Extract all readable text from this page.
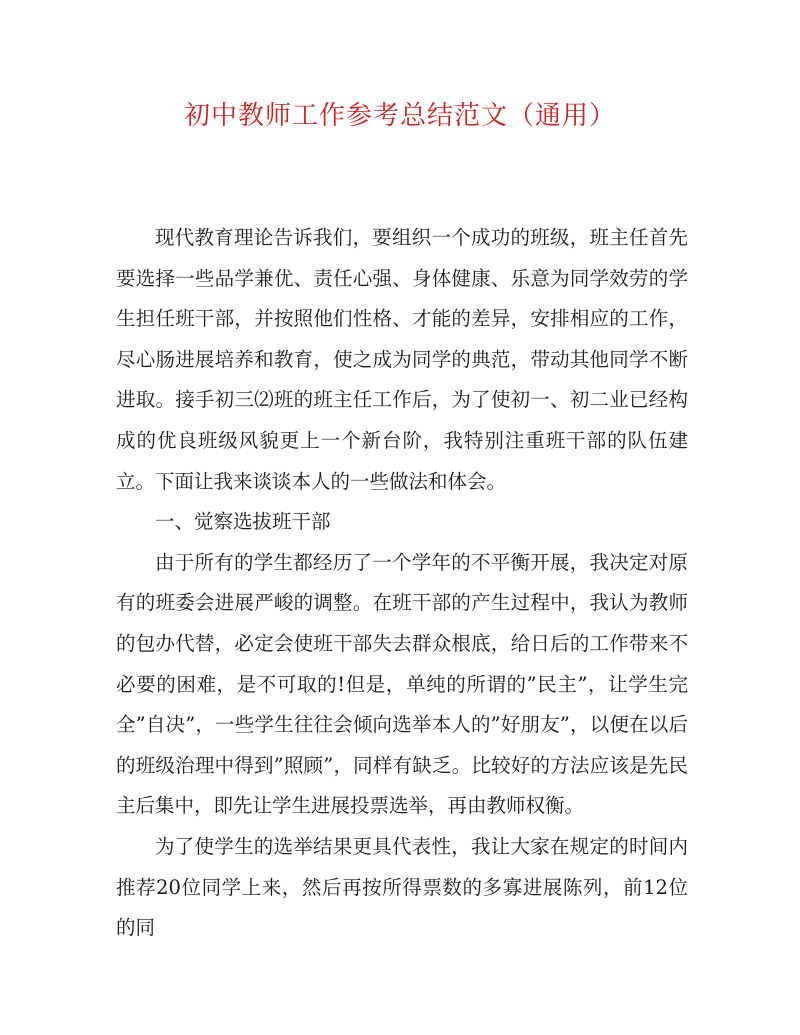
初中教师工作参考总结范文（通用）

现代教育理论告诉我们，要组织一个成功的班级，班主任首先要选择一些品学兼优、责任心强、身体健康、乐意为同学效劳的学生担任班干部，并按照他们性格、才能的差异，安排相应的工作，尽心肠进展培养和教育，使之成为同学的典范，带动其他同学不断进取。接手初三⑵班的班主任工作后，为了使初一、初二业已经构成的优良班级风貌更上一个新台阶，我特别注重班干部的队伍建立。下面让我来谈谈本人的一些做法和体会。

一、觉察选拔班干部

由于所有的学生都经历了一个学年的不平衡开展，我决定对原有的班委会进展严峻的调整。在班干部的产生过程中，我认为教师的包办代替，必定会使班干部失去群众根底，给日后的工作带来不必要的困难，是不可取的!但是，单纯的所谓的”民主”，让学生完全”自决”，一些学生往往会倾向选举本人的”好朋友”，以便在以后的班级治理中得到”照顾”，同样有缺乏。比较好的方法应该是先民主后集中，即先让学生进展投票选举，再由教师权衡。

为了使学生的选举结果更具代表性，我让大家在规定的时间内推荐20位同学上来，然后再按所得票数的多寡进展陈列，前12位的同
